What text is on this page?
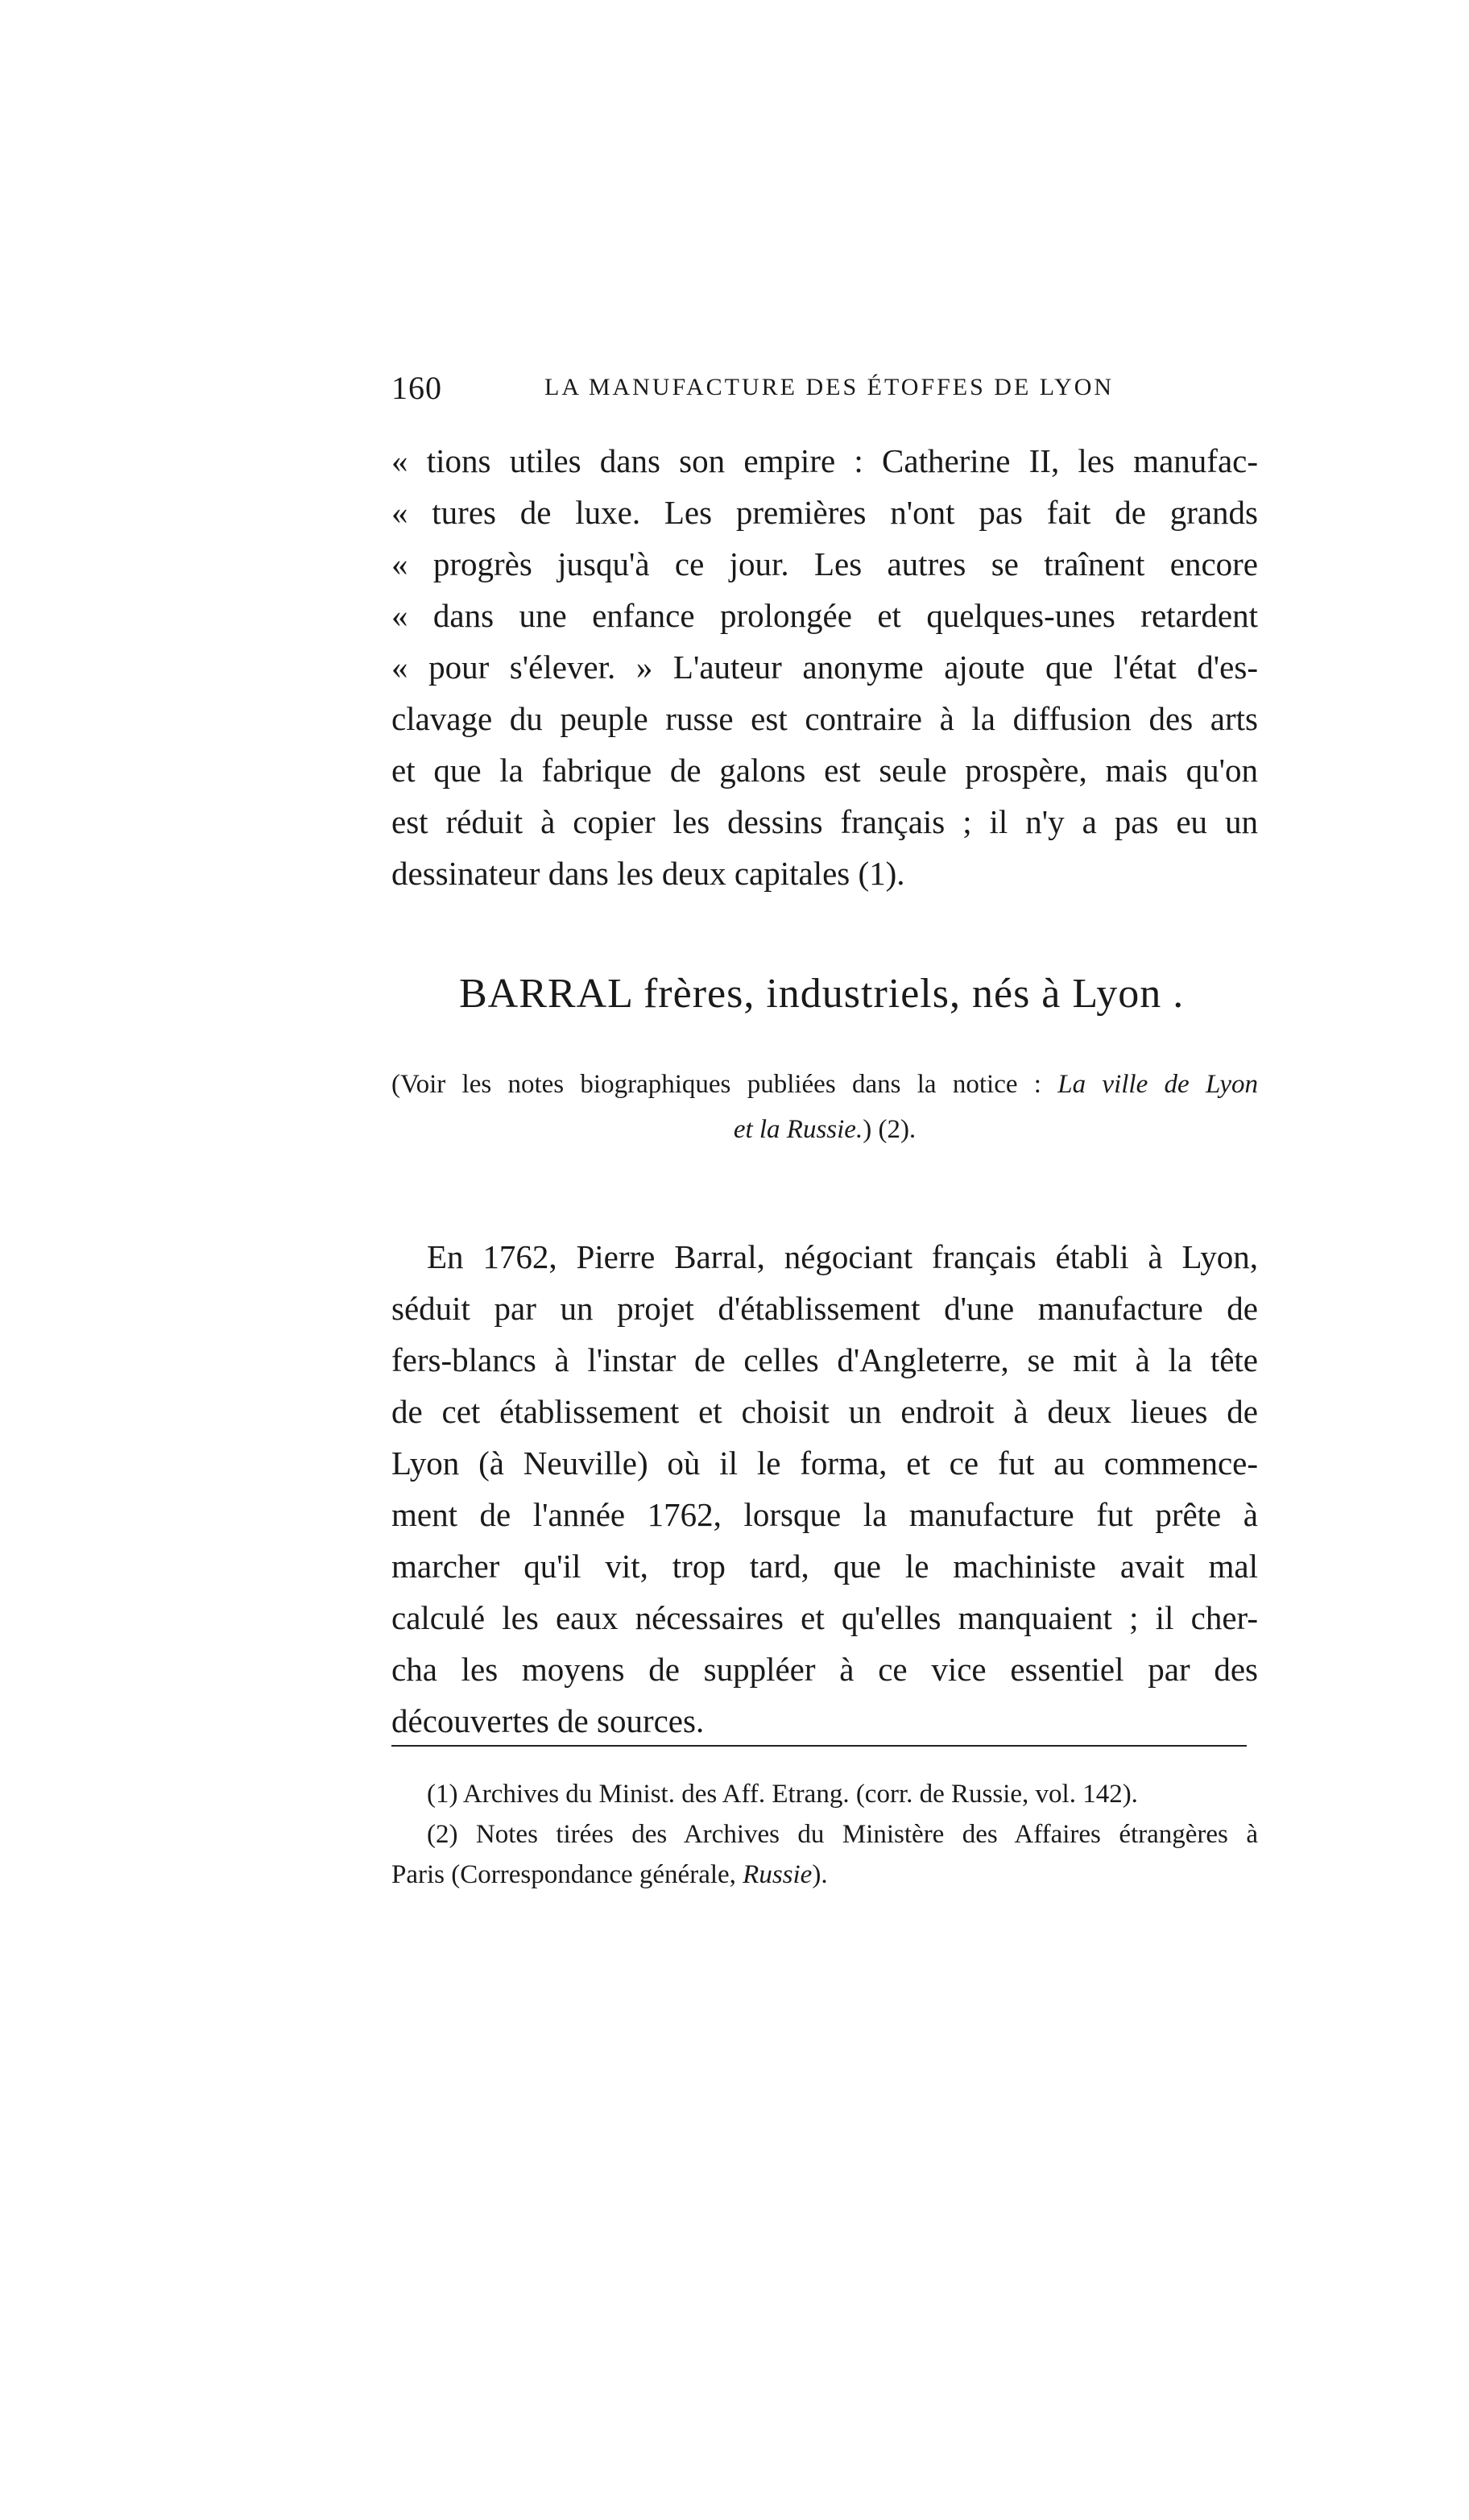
160	LA MANUFACTURE DES ÉTOFFES DE LYON
« tions utiles dans son empire : Catherine II, les manufac-
« tures de luxe. Les premières n'ont pas fait de grands
« progrès jusqu'à ce jour. Les autres se traînent encore
« dans une enfance prolongée et quelques-unes retardent
« pour s'élever. » L'auteur anonyme ajoute que l'état d'es-
clavage du peuple russe est contraire à la diffusion des arts
et que la fabrique de galons est seule prospère, mais qu'on
est réduit à copier les dessins français ; il n'y a pas eu un
dessinateur dans les deux capitales (1).
BARRAL frères, industriels, nés à Lyon .
(Voir les notes biographiques publiées dans la notice : La ville de Lyon
et la Russie.) (2).
En 1762, Pierre Barral, négociant français établi à Lyon,
séduit par un projet d'établissement d'une manufacture de
fers-blancs à l'instar de celles d'Angleterre, se mit à la tête
de cet établissement et choisit un endroit à deux lieues de
Lyon (à Neuville) où il le forma, et ce fut au commence-
ment de l'année 1762, lorsque la manufacture fut prête à
marcher qu'il vit, trop tard, que le machiniste avait mal
calculé les eaux nécessaires et qu'elles manquaient ; il cher-
cha les moyens de suppléer à ce vice essentiel par des
découvertes de sources.
(1) Archives du Minist. des Aff. Etrang. (corr. de Russie, vol. 142).
(2) Notes tirées des Archives du Ministère des Affaires étrangères à
Paris (Correspondance générale, Russie).
